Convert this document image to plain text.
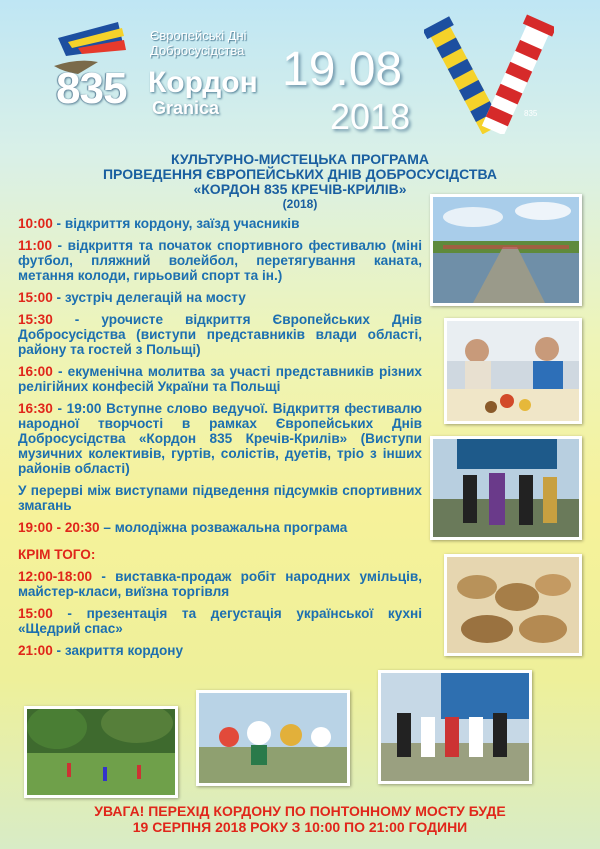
835
Європейські Дні
Добросусідства
Кордон
Granica
19.08
2018	835
КУЛЬТУРНО-МИСТЕЦЬКА ПРОГРАМА
ПРОВЕДЕННЯ ЄВРОПЕЙСЬКИХ ДНІВ ДОБРОСУСІДСТВА
«КОРДОН 835 КРЕЧІВ-КРИЛІВ»
(2018)
10:00 - відкриття кордону, заїзд учасників
11:00 - відкриття та початок спортивного фестивалю (міні футбол, пляжний волейбол, перетягування каната, метання колоди, гирьовий спорт та ін.)
15:00 - зустріч делегацій на мосту
15:30 - урочисте відкриття Європейських Днів Добросусідства (виступи представників влади області, району та гостей з Польщі)
16:00 - екуменічна молитва за участі представників різних релігійних конфесій України та Польщі
16:30 - 19:00 Вступне слово ведучої. Відкриття фестивалю народної творчості в рамках Європейських Днів Добросусідства «Кордон 835 Кречів-Крилів» (Виступи музичних колективів, гуртів, солістів, дуетів, тріо з інших районів області)
У перерві між виступами підведення підсумків спортивних змагань
19:00 - 20:30 – молодіжна розважальна програма
КРІМ ТОГО:
12:00-18:00 - виставка-продаж робіт народних умільців, майстер-класи, виїзна торгівля
15:00 - презентація та дегустація української кухні «Щедрий спас»
21:00 - закриття кордону
УВАГА! ПЕРЕХІД КОРДОНУ ПО ПОНТОННОМУ МОСТУ БУДЕ
19 СЕРПНЯ 2018 РОКУ З 10:00 ПО 21:00 ГОДИНИ
